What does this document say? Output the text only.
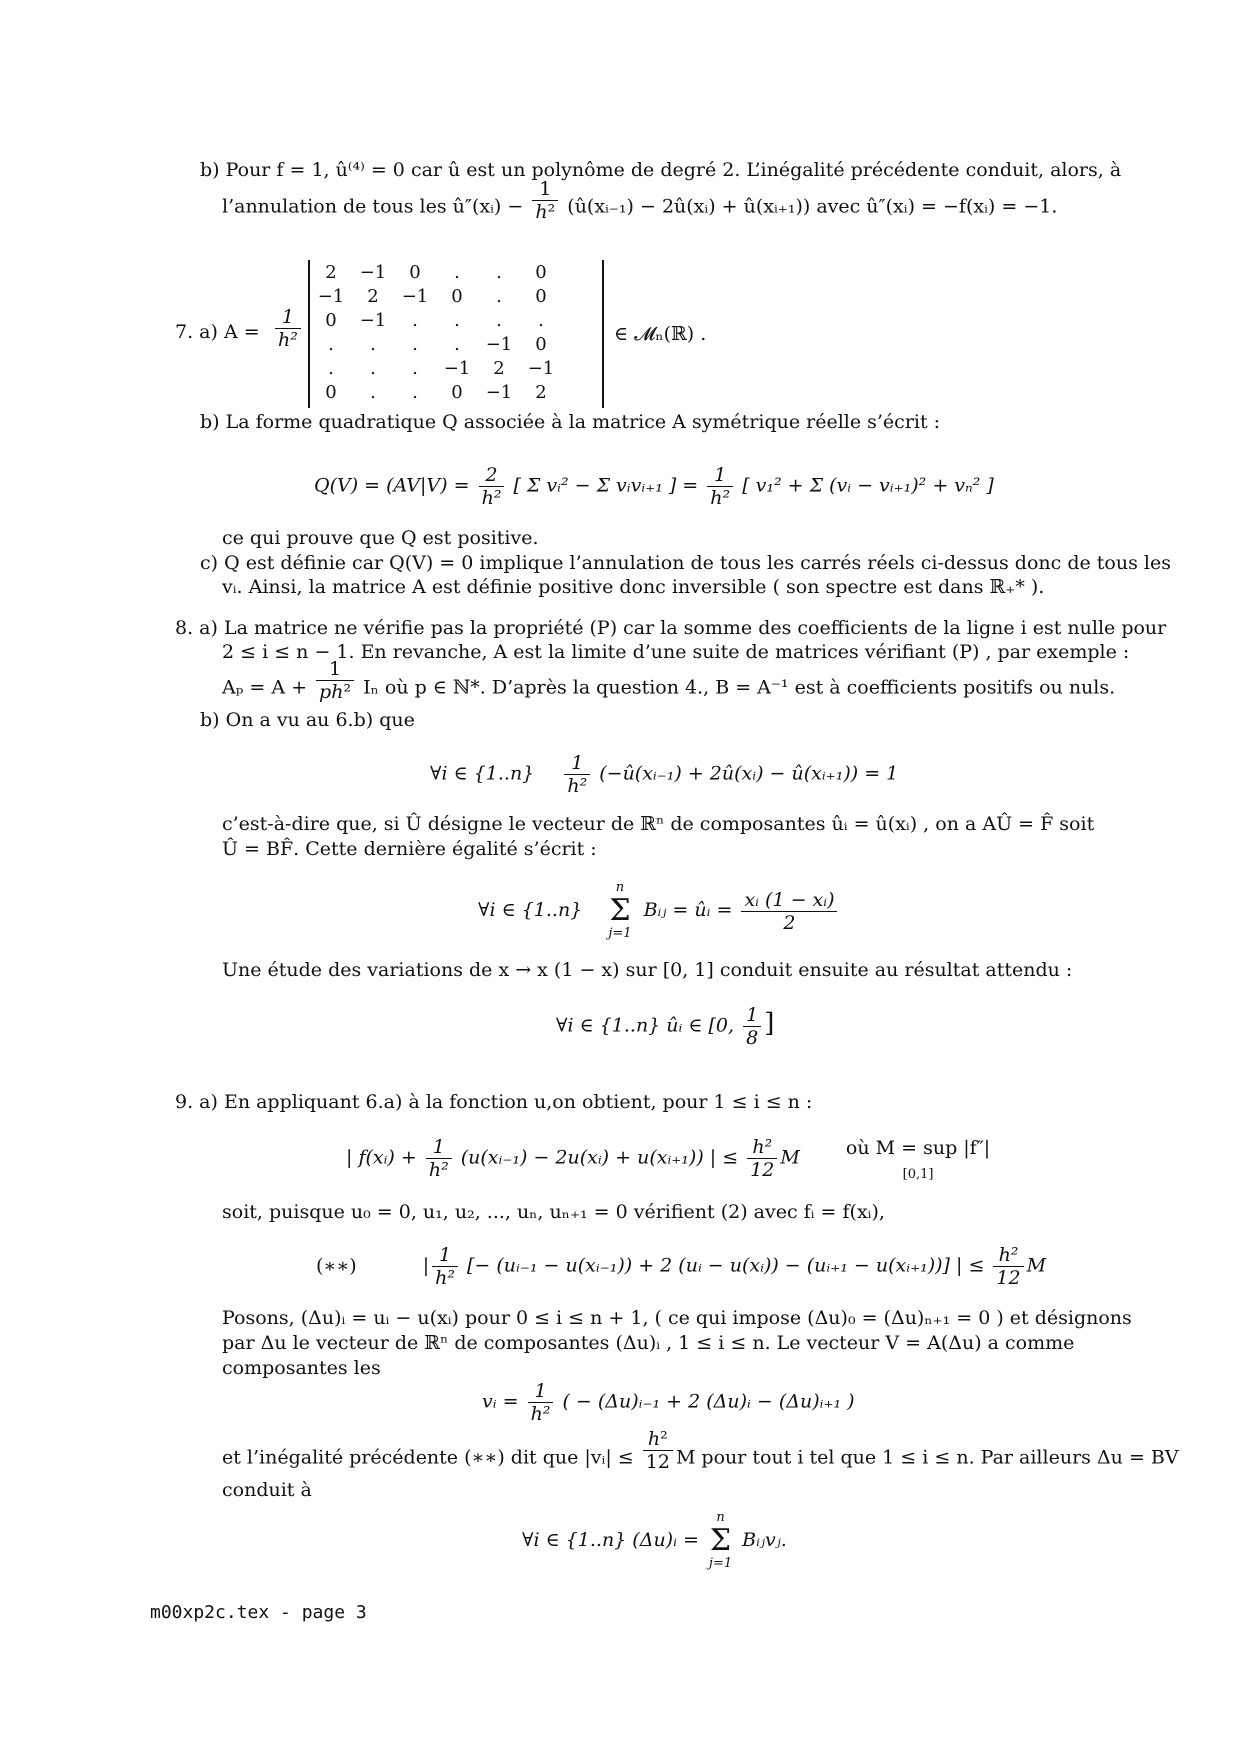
b) Pour f = 1, û⁽⁴⁾ = 0 car û est un polynôme de degré 2. L’inégalité précédente conduit, alors, à
l’annulation de tous les û″(xᵢ) − $\frac{1}{\text{h²}}$ (û(xᵢ₋₁) − 2û(xᵢ) + û(xᵢ₊₁)) avec û″(xᵢ) = −f(xᵢ) = −1.
7. a) $A = \frac{1}{\text{h²}}$
2	−1	0	.	.	0
−1	2	−1	0	.	0
0	−1	.	.	.	.
.	.	.	.	−1	0
.	.	.	−1	2	−1
0	.	.	0	−1	2
∈ 𝓜ₙ(ℝ) .
b) La forme quadratique Q associée à la matrice A symétrique réelle s’écrit :
$Q(V) = (AV|V) = \frac{2}{\text{h²}}$ [ Σ vᵢ² − Σ vᵢvᵢ₊₁ ] = $\frac{1}{\text{h²}}$ [ v₁² + Σ (vᵢ − vᵢ₊₁)² + vₙ² ]
ce qui prouve que Q est positive.
c) Q est définie car Q(V) = 0 implique l’annulation de tous les carrés réels ci-dessus donc de tous les
vᵢ. Ainsi, la matrice A est définie positive donc inversible ( son spectre est dans ℝ₊* ).
8. a) La matrice ne vérifie pas la propriété (P) car la somme des coefficients de la ligne i est nulle pour
2 ≤ i ≤ n − 1. En revanche, A est la limite d’une suite de matrices vérifiant (P) , par exemple :
$A_p = A + \frac{1}{\text{ph²}}$ Iₙ où p ∈ ℕ*. D’après la question 4., B = A⁻¹ est à coefficients positifs ou nuls.
b) On a vu au 6.b) que
∀i ∈ $\{1..n\} \frac{1}{\text{h²}}$ (−û(xᵢ₋₁) + 2û(xᵢ) − û(xᵢ₊₁)) = 1
c’est-à-dire que, si Û désigne le vecteur de ℝⁿ de composantes ûᵢ = û(xᵢ) , on a AÛ = F̂ soit
Û = BF̂. Cette dernière égalité s’écrit :
∀i ∈ {1..n}
n
Σ
j=1
Bᵢⱼ = ûᵢ = $\frac{\text{xᵢ (1 − xᵢ)}}{2}$
Une étude des variations de x → x (1 − x) sur [0, 1] conduit ensuite au résultat attendu :
∀i ∈ {1..n} ûᵢ ∈ [0, $\frac{1}{8}$ ]
9. a) En appliquant 6.a) à la fonction u,on obtient, pour 1 ≤ i ≤ n :
| f(xᵢ) + $\frac{1}{\text{h²}}$ (u(xᵢ₋₁) − 2u(xᵢ) + u(xᵢ₊₁)) | ≤ $\frac{\text{h²}}{12}$ M où M = sup |f″|
[0,1]
soit, puisque u₀ = 0, u₁, u₂, ..., uₙ, uₙ₊₁ = 0 vérifient (2) avec fᵢ = f(xᵢ),
(∗∗)	| $\frac{1}{\text{h²}}$ [− (uᵢ₋₁ − u(xᵢ₋₁)) + 2 (uᵢ − u(xᵢ)) − (uᵢ₊₁ − u(xᵢ₊₁))] | ≤ $\frac{\text{h²}}{12}$ M
Posons, (Δu)ᵢ = uᵢ − u(xᵢ) pour 0 ≤ i ≤ n + 1, ( ce qui impose (Δu)₀ = (Δu)ₙ₊₁ = 0 ) et désignons
par Δu le vecteur de ℝⁿ de composantes (Δu)ᵢ , 1 ≤ i ≤ n. Le vecteur V = A(Δu) a comme
composantes les
vᵢ = $\frac{1}{\text{h²}}$ ( − (Δu)ᵢ₋₁ + 2 (Δu)ᵢ − (Δu)ᵢ₊₁ )
et l’inégalité précédente (∗∗) dit que |vᵢ| ≤ $\frac{\text{h²}}{12}$ M pour tout i tel que 1 ≤ i ≤ n. Par ailleurs Δu = BV
conduit à
∀i ∈ {1..n} (Δu)ᵢ =
n
Σ
j=1
Bᵢⱼvⱼ.
m00xp2c.tex - page 3
